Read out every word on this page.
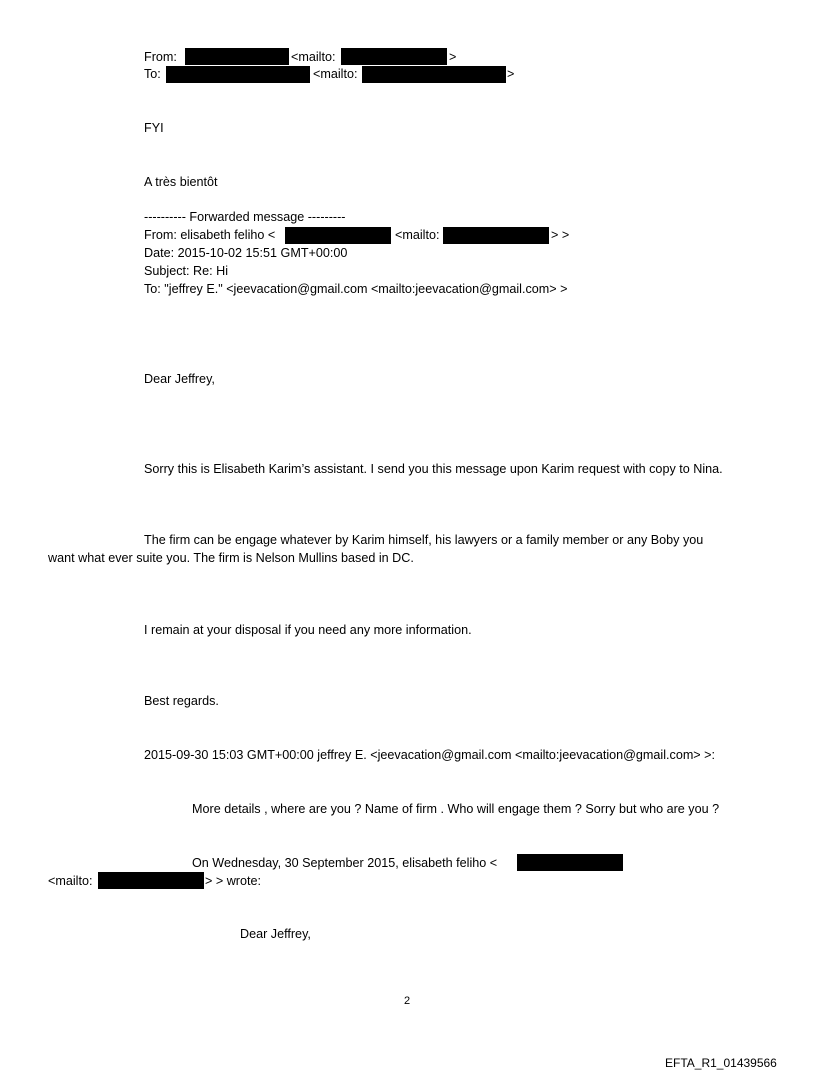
From:	<mailto:	>
To:	<mailto:	>
FYI
A très bientôt
---------- Forwarded message ---------
From: elisabeth feliho <	<mailto:	> >
Date: 2015-10-02 15:51 GMT+00:00
Subject: Re: Hi
To: "jeffrey E." <jeevacation@gmail.com <mailto:jeevacation@gmail.com> >
Dear Jeffrey,
Sorry this is Elisabeth Karim’s assistant. I send you this message upon Karim request with copy to Nina.
The firm can be engage whatever by Karim himself, his lawyers or a family member or any Boby you
want what ever suite you. The firm is Nelson Mullins based in DC.
I remain at your disposal if you need any more information.
Best regards.
2015-09-30 15:03 GMT+00:00 jeffrey E. <jeevacation@gmail.com <mailto:jeevacation@gmail.com> >:
More details , where are you ? Name of firm . Who will engage them ? Sorry but who are you ?
On Wednesday, 30 September 2015, elisabeth feliho <
<mailto:	> > wrote:
Dear Jeffrey,
2
EFTA_R1_01439566
